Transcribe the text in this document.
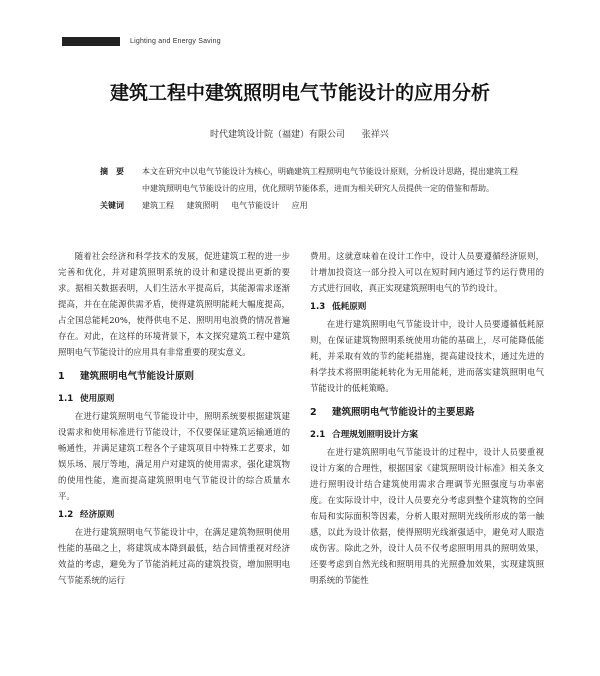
Lighting and Energy Saving
建筑工程中建筑照明电气节能设计的应用分析
时代建筑设计院（福建）有限公司 张祥兴
摘　要	本文在研究中以电气节能设计为核心，明确建筑工程照明电气节能设计原则，分析设计思路，提出建筑工程中建筑照明电气节能设计的应用，优化照明节能体系，进而为相关研究人员提供一定的借鉴和帮助。
关键词	建筑工程 建筑照明 电气节能设计 应用

随着社会经济和科学技术的发展，促进建筑工程的进一步完善和优化，并对建筑照明系统的设计和建设提出更新的要求。据相关数据表明，人们生活水平提高后，其能源需求逐渐提高，并在在能源供需矛盾，使得建筑照明能耗大幅度提高，占全国总能耗20%，使得供电不足、照明用电浪费的情况普遍存在。对此，在这样的环境背景下，本文探究建筑工程中建筑照明电气节能设计的应用具有非常重要的现实意义。

1 建筑照明电气节能设计原则
1.1 使用原则

在进行建筑照明电气节能设计中，照明系统要根据建筑建设需求和使用标准进行节能设计，不仅要保证建筑运输通道的畅通性，并满足建筑工程各个子建筑项目中特殊工艺要求，如娱乐场、展厅等地，满足用户对建筑的使用需求，强化建筑物的使用性能，進而提高建筑照明电气节能设计的综合质量水平。

1.2 经济原则

在进行建筑照明电气节能设计中，在满足建筑物照明使用性能的基础之上，将建筑成本降到最低，结合回情重视对经济效益的考虑，避免为了节能消耗过高的建筑投资，增加照明电气节能系统的运行

费用。这就意味着在设计工作中，设计人员要遵循经济原则，计增加投资这一部分投入可以在短时间内通过节约运行费用的方式进行回收，真正实现建筑照明电气的节约设计。

1.3 低耗原则

在进行建筑照明电气节能设计中，设计人员要遵循低耗原则，在保证建筑物照明系统使用功能的基础上，尽可能降低能耗，并采取有效的节约能耗措施，提高建设技术，通过先进的科学技术将照明能耗转化为无用能耗，进而落实建筑照明电气节能设计的低耗策略。

2 建筑照明电气节能设计的主要思路
2.1 合理规划照明设计方案

在进行建筑照明电气节能设计的过程中，设计人员要重视设计方案的合理性，根据国家《建筑照明设计标准》相关条文进行照明设计结合建筑使用需求合理调节光照强度与功率密度。在实际设计中，设计人员要充分考虑到整个建筑物的空间布局和实际面积等因素，分析人眼对照明光线所形成的第一触感，以此为设计依据，使得照明光线渐强适中，避免对人眼造成伤害。除此之外，设计人员不仅考虑照明用具的照明效果，还要考虑到自然光线和照明用具的光照叠加效果，实现建筑照明系统的节能性
